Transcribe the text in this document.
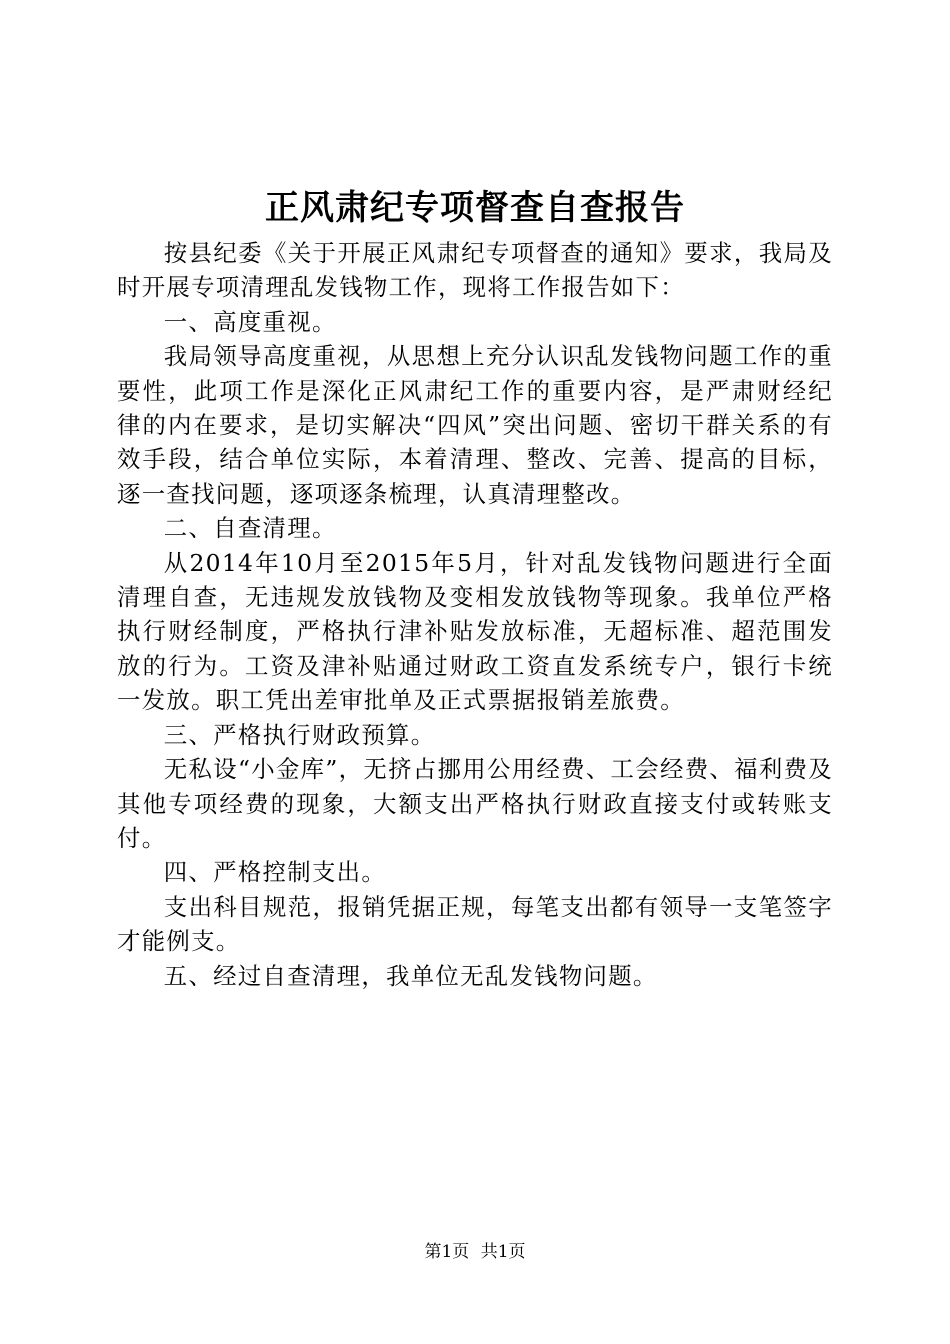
正风肃纪专项督查自查报告

按县纪委《关于开展正风肃纪专项督查的通知》要求，我局及时开展专项清理乱发钱物工作，现将工作报告如下：

一、高度重视。

我局领导高度重视，从思想上充分认识乱发钱物问题工作的重要性，此项工作是深化正风肃纪工作的重要内容，是严肃财经纪律的内在要求，是切实解决“四风”突出问题、密切干群关系的有效手段，结合单位实际，本着清理、整改、完善、提高的目标，逐一查找问题，逐项逐条梳理，认真清理整改。

二、自查清理。

从2014年10月至2015年5月，针对乱发钱物问题进行全面清理自查，无违规发放钱物及变相发放钱物等现象。我单位严格执行财经制度，严格执行津补贴发放标准，无超标准、超范围发放的行为。工资及津补贴通过财政工资直发系统专户，银行卡统一发放。职工凭出差审批单及正式票据报销差旅费。

三、严格执行财政预算。

无私设“小金库”，无挤占挪用公用经费、工会经费、福利费及其他专项经费的现象，大额支出严格执行财政直接支付或转账支付。

四、严格控制支出。

支出科目规范，报销凭据正规，每笔支出都有领导一支笔签字才能例支。

五、经过自查清理，我单位无乱发钱物问题。

第1页 共1页
